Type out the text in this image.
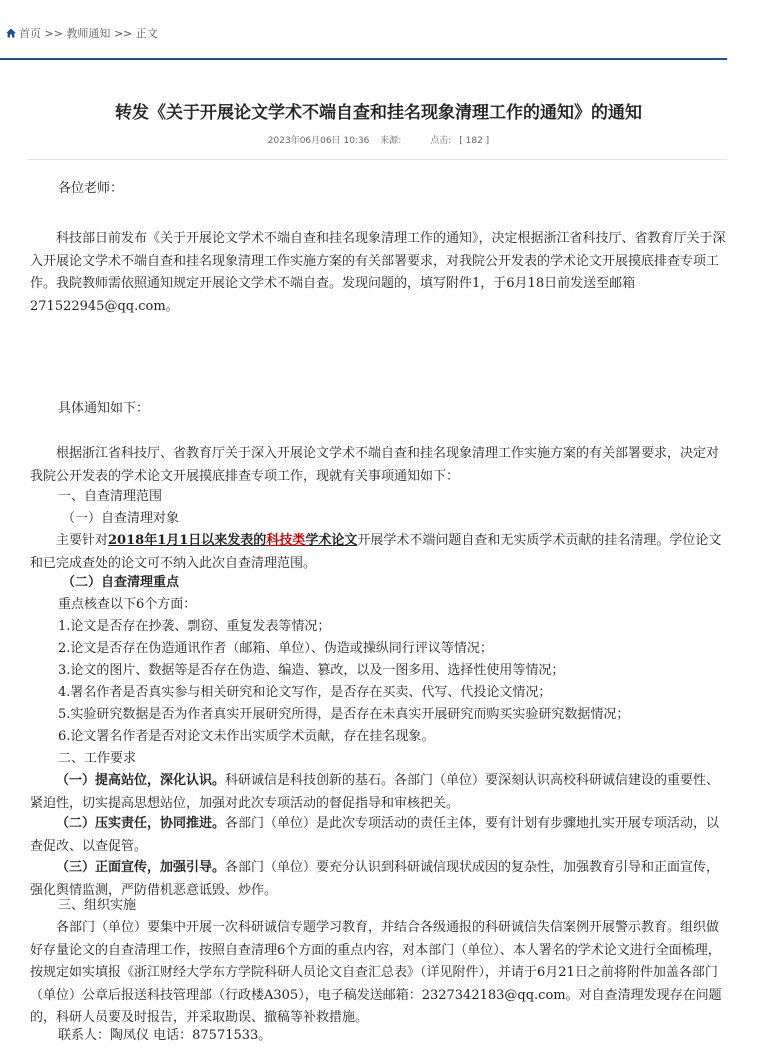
首页 >> 教师通知 >> 正文
转发《关于开展论文学术不端自查和挂名现象清理工作的通知》的通知
2023年06月06日 10:36 来源:	点击: [ 182 ]

各位老师：

科技部日前发布《关于开展论文学术不端自查和挂名现象清理工作的通知》，决定根据浙江省科技厅、省教育厅关于深入开展论文学术不端自查和挂名现象清理工作实施方案的有关部署要求，对我院公开发表的学术论文开展摸底排查专项工作。我院教师需依照通知规定开展论文学术不端自查。发现问题的，填写附件1，于6月18日前发送至邮箱271522945@qq.com。

具体通知如下：

根据浙江省科技厅、省教育厅关于深入开展论文学术不端自查和挂名现象清理工作实施方案的有关部署要求，决定对我院公开发表的学术论文开展摸底排查专项工作，现就有关事项通知如下：

一、自查清理范围

（一）自查清理对象

主要针对2018年1月1日以来发表的科技类学术论文开展学术不端问题自查和无实质学术贡献的挂名清理。学位论文和已完成查处的论文可不纳入此次自查清理范围。

（二）自查清理重点

重点核查以下6个方面：

1.论文是否存在抄袭、剽窃、重复发表等情况；

2.论文是否存在伪造通讯作者（邮箱、单位）、伪造或操纵同行评议等情况；

3.论文的图片、数据等是否存在伪造、编造、篡改，以及一图多用、选择性使用等情况；

4.署名作者是否真实参与相关研究和论文写作，是否存在买卖、代写、代投论文情况；

5.实验研究数据是否为作者真实开展研究所得，是否存在未真实开展研究而购买实验研究数据情况；

6.论文署名作者是否对论文未作出实质学术贡献，存在挂名现象。

二、工作要求

（一）提高站位，深化认识。科研诚信是科技创新的基石。各部门（单位）要深刻认识高校科研诚信建设的重要性、紧迫性，切实提高思想站位，加强对此次专项活动的督促指导和审核把关。

（二）压实责任，协同推进。各部门（单位）是此次专项活动的责任主体，要有计划有步骤地扎实开展专项活动，以查促改、以查促管。

（三）正面宣传，加强引导。各部门（单位）要充分认识到科研诚信现状成因的复杂性，加强教育引导和正面宣传，强化舆情监测，严防借机恶意诋毁、炒作。

三、组织实施

各部门（单位）要集中开展一次科研诚信专题学习教育，并结合各级通报的科研诚信失信案例开展警示教育。组织做好存量论文的自查清理工作，按照自查清理6个方面的重点内容，对本部门（单位）、本人署名的学术论文进行全面梳理，按规定如实填报《浙江财经大学东方学院科研人员论文自查汇总表》（详见附件），并请于6月21日之前将附件加盖各部门（单位）公章后报送科技管理部（行政楼A305），电子稿发送邮箱：2327342183@qq.com。对自查清理发现存在问题的，科研人员要及时报告，并采取勘误、撤稿等补救措施。

联系人：陶凤仪 电话：87571533。
